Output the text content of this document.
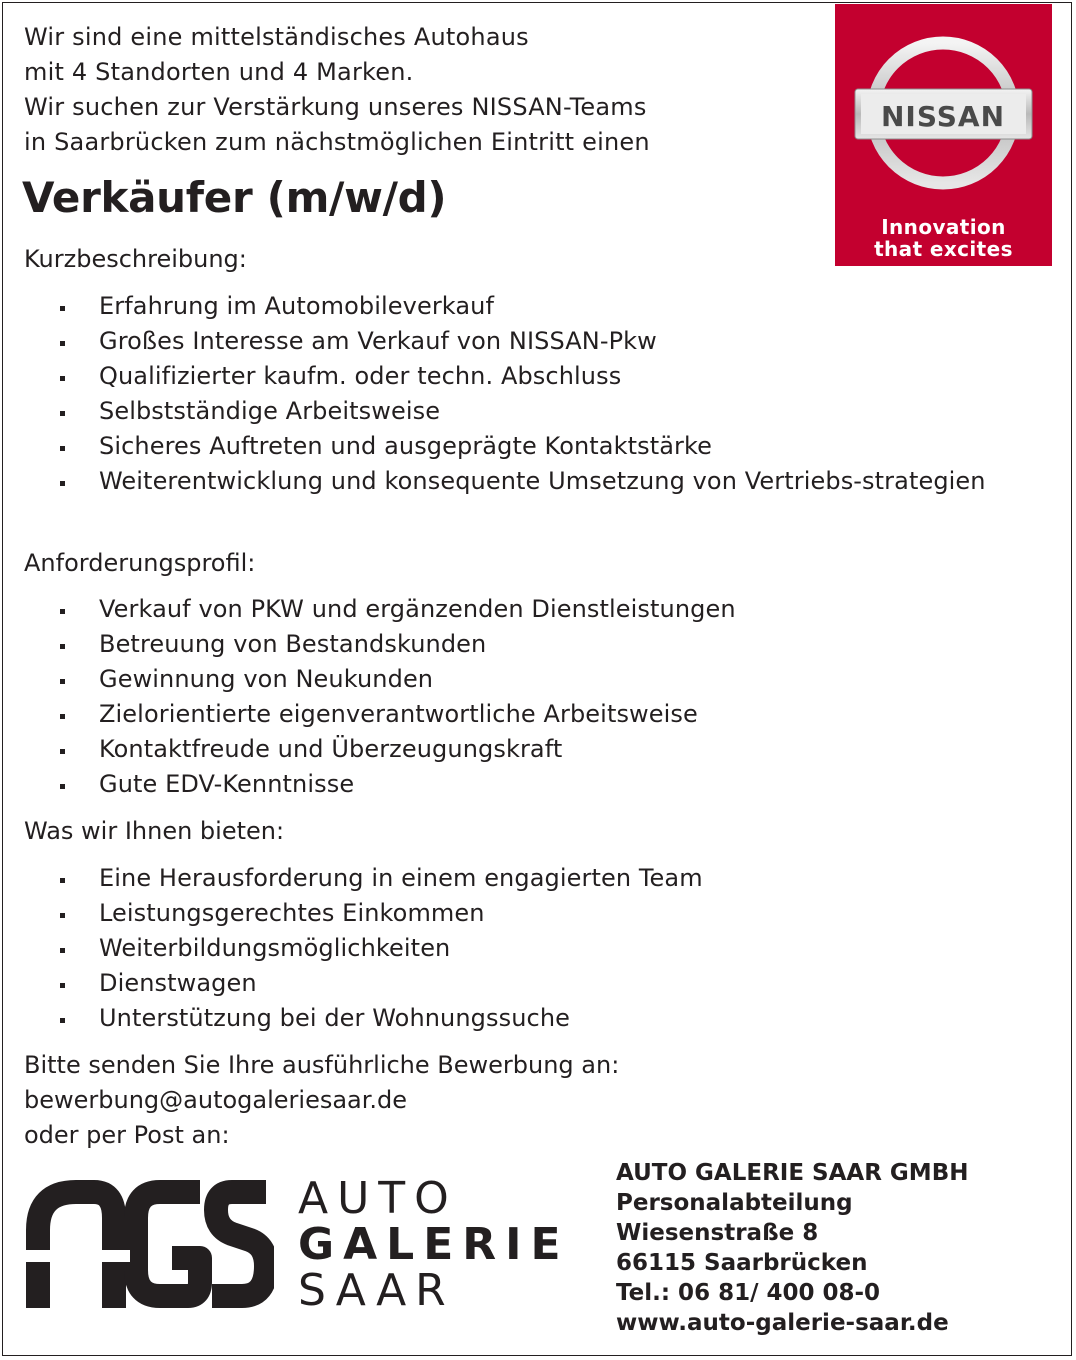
Wir sind eine mittelständisches Autohaus
mit 4 Standorten und 4 Marken.
Wir suchen zur Verstärkung unseres NISSAN-Teams
in Saarbrücken zum nächstmöglichen Eintritt einen
Verkäufer (m/w/d)
NISSAN
Innovation
that excites
Kurzbeschreibung:
Erfahrung im Automobileverkauf
Großes Interesse am Verkauf von NISSAN-Pkw
Qualifizierter kaufm. oder techn. Abschluss
Selbstständige Arbeitsweise
Sicheres Auftreten und ausgeprägte Kontaktstärke
Weiterentwicklung und konsequente Umsetzung von Vertriebs-strategien
Anforderungsprofil:
Verkauf von PKW und ergänzenden Dienstleistungen
Betreuung von Bestandskunden
Gewinnung von Neukunden
Zielorientierte eigenverantwortliche Arbeitsweise
Kontaktfreude und Überzeugungskraft
Gute EDV-Kenntnisse
Was wir Ihnen bieten:
Eine Herausforderung in einem engagierten Team
Leistungsgerechtes Einkommen
Weiterbildungsmöglichkeiten
Dienstwagen
Unterstützung bei der Wohnungssuche
Bitte senden Sie Ihre ausführliche Bewerbung an:
bewerbung@autogaleriesaar.de
oder per Post an:
AUTO
GALERIE
SAAR
AUTO GALERIE SAAR GMBH
Personalabteilung
Wiesenstraße 8
66115 Saarbrücken
Tel.: 06 81/ 400 08-0
www.auto-galerie-saar.de
